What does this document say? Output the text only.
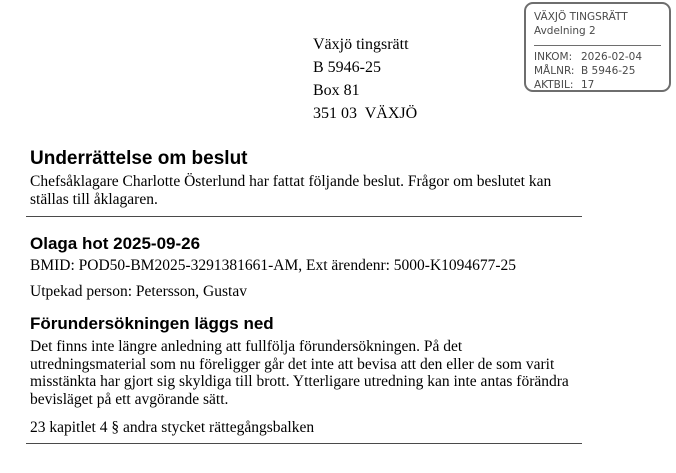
VÄXJÖ TINGSRÄTT
Avdelning 2
INKOM: 2026-02-04
MÅLNR: B 5946-25
AKTBIL: 17
Växjö tingsrätt
B 5946-25
Box 81
351 03  VÄXJÖ
Underrättelse om beslut
Chefsåklagare Charlotte Österlund har fattat följande beslut. Frågor om beslutet kan ställas till åklagaren.
Olaga hot 2025-09-26
BMID: POD50-BM2025-3291381661-AM, Ext ärendenr: 5000-K1094677-25
Utpekad person: Petersson, Gustav
Förundersökningen läggs ned
Det finns inte längre anledning att fullfölja förundersökningen. På det utredningsmaterial som nu föreligger går det inte att bevisa att den eller de som varit misstänkta har gjort sig skyldiga till brott. Ytterligare utredning kan inte antas förändra bevisläget på ett avgörande sätt.
23 kapitlet 4 § andra stycket rättegångsbalken
